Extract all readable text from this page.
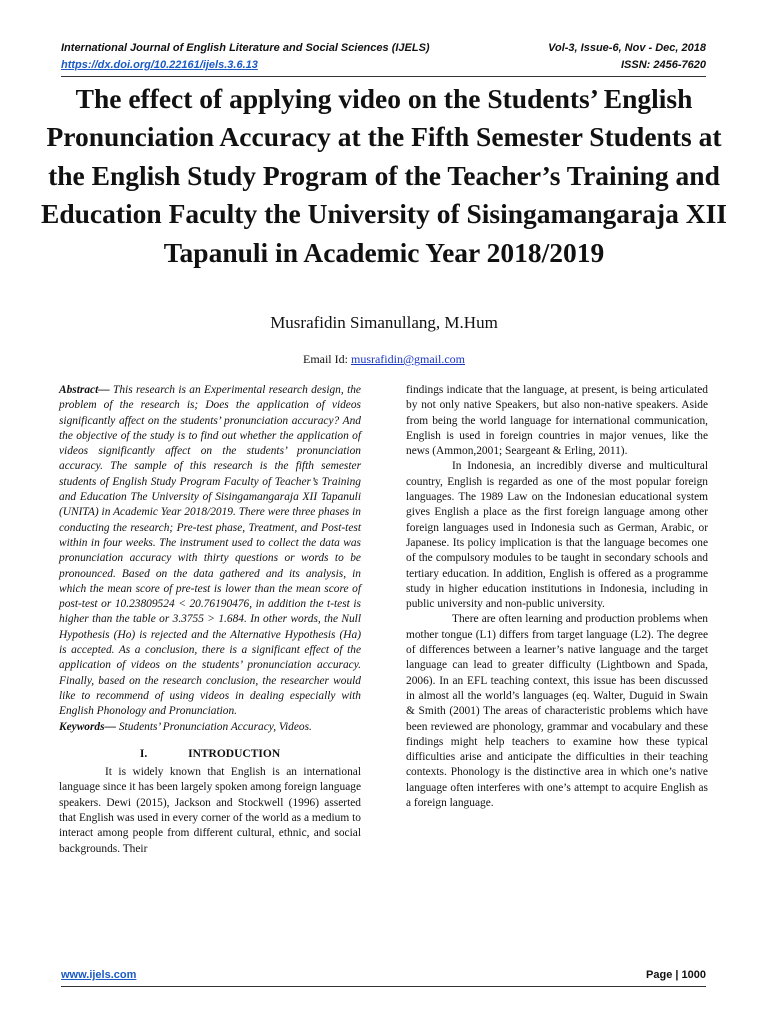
International Journal of English Literature and Social Sciences (IJELS)	Vol-3, Issue-6, Nov - Dec, 2018
https://dx.doi.org/10.22161/ijels.3.6.13	ISSN: 2456-7620
The effect of applying video on the Students’ English Pronunciation Accuracy at the Fifth Semester Students at the English Study Program of the Teacher’s Training and Education Faculty the University of Sisingamangaraja XII Tapanuli in Academic Year 2018/2019
Musrafidin Simanullang, M.Hum
Email Id: musrafidin@gmail.com

Abstract— This research is an Experimental research design, the problem of the research is; Does the application of videos significantly affect on the students’ pronunciation accuracy? And the objective of the study is to find out whether the application of videos significantly affect on the students’ pronunciation accuracy. The sample of this research is the fifth semester students of English Study Program Faculty of Teacher’s Training and Education The University of Sisingamangaraja XII Tapanuli (UNITA) in Academic Year 2018/2019. There were three phases in conducting the research; Pre-test phase, Treatment, and Post-test within in four weeks. The instrument used to collect the data was pronunciation accuracy with thirty questions or words to be pronounced. Based on the data gathered and its analysis, in which the mean score of pre-test is lower than the mean score of post-test or 10.23809524 < 20.76190476, in addition the t-test is higher than the table or 3.3755 > 1.684. In other words, the Null Hypothesis (Ho) is rejected and the Alternative Hypothesis (Ha) is accepted. As a conclusion, there is a significant effect of the application of videos on the students’ pronunciation accuracy. Finally, based on the research conclusion, the researcher would like to recommend of using videos in dealing especially with English Phonology and Pronunciation.

Keywords— Students’ Pronunciation Accuracy, Videos.

I.	INTRODUCTION

It is widely known that English is an international language since it has been largely spoken among foreign language speakers. Dewi (2015), Jackson and Stockwell (1996) asserted that English was used in every corner of the world as a medium to interact among people from different cultural, ethnic, and social backgrounds. Their

findings indicate that the language, at present, is being articulated by not only native Speakers, but also non-native speakers. Aside from being the world language for international communication, English is used in foreign countries in major venues, like the news (Ammon,2001; Seargeant & Erling, 2011).

In Indonesia, an incredibly diverse and multicultural country, English is regarded as one of the most popular foreign languages. The 1989 Law on the Indonesian educational system gives English a place as the first foreign language among other foreign languages used in Indonesia such as German, Arabic, or Japanese. Its policy implication is that the language becomes one of the compulsory modules to be taught in secondary schools and tertiary education. In addition, English is offered as a programme study in higher education institutions in Indonesia, including in public university and non-public university.

There are often learning and production problems when mother tongue (L1) differs from target language (L2). The degree of differences between a learner’s native language and the target language can lead to greater difficulty (Lightbown and Spada, 2006). In an EFL teaching context, this issue has been discussed in almost all the world’s languages (eq. Walter, Duguid in Swain & Smith (2001) The areas of characteristic problems which have been reviewed are phonology, grammar and vocabulary and these findings might help teachers to examine how these typical difficulties arise and anticipate the difficulties in their teaching contexts. Phonology is the distinctive area in which one’s native language often interferes with one’s attempt to acquire English as a foreign language.

www.ijels.com	Page | 1000
